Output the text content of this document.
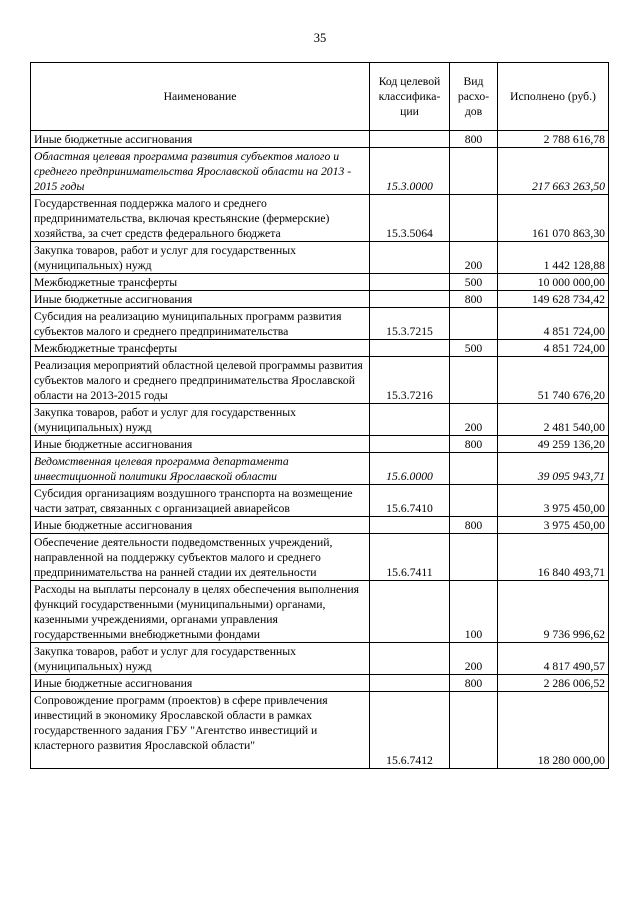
35
Наименование	Код целевой классифика-ции	Вид расхо-дов	Исполнено (руб.)
Иные бюджетные ассигнования		800	2 788 616,78
Областная целевая программа развития субъектов малого и среднего предпринимательства Ярославской области на 2013 - 2015 годы	15.3.0000		217 663 263,50
Государственная поддержка малого и среднего предпринимательства, включая крестьянские (фермерские) хозяйства, за счет средств федерального бюджета	15.3.5064		161 070 863,30
Закупка товаров, работ и услуг для государственных (муниципальных) нужд		200	1 442 128,88
Межбюджетные трансферты		500	10 000 000,00
Иные бюджетные ассигнования		800	149 628 734,42
Субсидия на реализацию муниципальных программ развития субъектов малого и среднего предпринимательства	15.3.7215		4 851 724,00
Межбюджетные трансферты		500	4 851 724,00
Реализация мероприятий областной целевой программы развития субъектов малого и среднего предпринимательства Ярославской области на 2013-2015 годы	15.3.7216		51 740 676,20
Закупка товаров, работ и услуг для государственных (муниципальных) нужд		200	2 481 540,00
Иные бюджетные ассигнования		800	49 259 136,20
Ведомственная целевая программа департамента инвестиционной политики Ярославской области	15.6.0000		39 095 943,71
Субсидия организациям воздушного транспорта на возмещение части затрат, связанных с организацией авиарейсов	15.6.7410		3 975 450,00
Иные бюджетные ассигнования		800	3 975 450,00
Обеспечение деятельности подведомственных учреждений, направленной на поддержку субъектов малого и среднего предпринимательства на ранней стадии их деятельности	15.6.7411		16 840 493,71
Расходы на выплаты персоналу в целях обеспечения выполнения функций государственными (муниципальными) органами, казенными учреждениями, органами управления государственными внебюджетными фондами		100	9 736 996,62
Закупка товаров, работ и услуг для государственных (муниципальных) нужд		200	4 817 490,57
Иные бюджетные ассигнования		800	2 286 006,52
Сопровождение программ (проектов) в сфере привлечения инвестиций в экономику Ярославской области в рамках государственного задания ГБУ "Агентство инвестиций и кластерного развития Ярославской области"	15.6.7412		18 280 000,00
